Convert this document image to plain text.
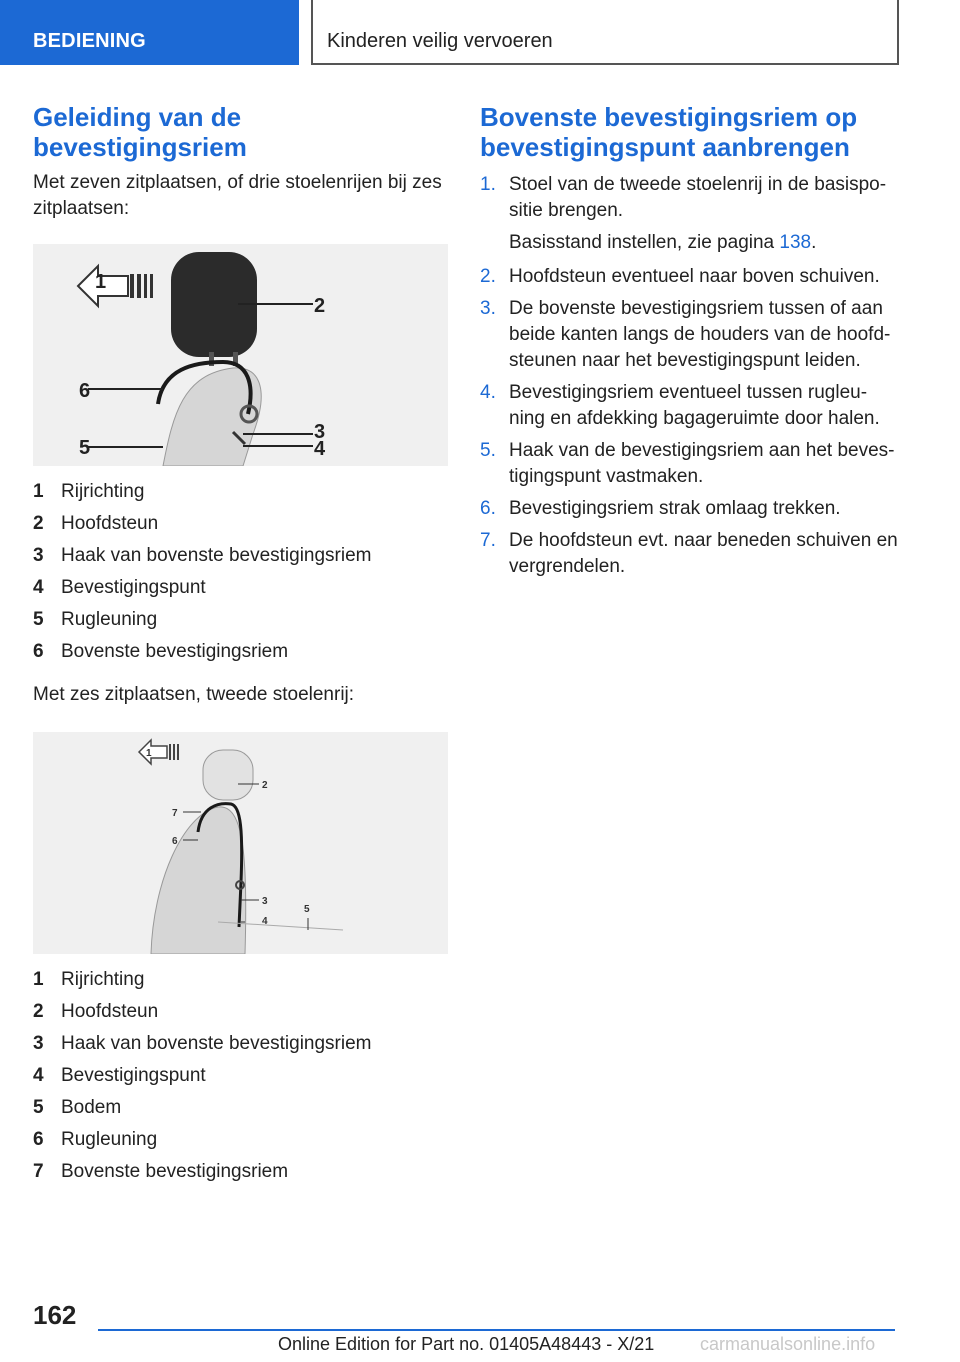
BEDIENING	Kinderen veilig vervoeren
Geleiding van de bevestigingsriem

Met zeven zitplaatsen, of drie stoelenrijen bij zes zitplaatsen:

1
2
3
4
5
6
1 Rijrichting
2 Hoofdsteun
3 Haak van bovenste bevestigingsriem
4 Bevestigingspunt
5 Rugleuning
6 Bovenste bevestigingsriem

Met zes zitplaatsen, tweede stoelenrij:

1
2
3
4
5
6
7
1 Rijrichting
2 Hoofdsteun
3 Haak van bovenste bevestigingsriem
4 Bevestigingspunt
5 Bodem
6 Rugleuning
7 Bovenste bevestigingsriem
Bovenste bevestigingsriem op bevestigingspunt aanbrengen
1. Stoel van de tweede stoelenrij in de basispo-sitie brengen.
Basisstand instellen, zie pagina 138.
2. Hoofdsteun eventueel naar boven schuiven.
3. De bovenste bevestigingsriem tussen of aan beide kanten langs de houders van de hoofd-steunen naar het bevestigingspunt leiden.
4. Bevestigingsriem eventueel tussen rugleu-ning en afdekking bagageruimte door halen.
5. Haak van de bevestigingsriem aan het beves-tigingspunt vastmaken.
6. Bevestigingsriem strak omlaag trekken.
7. De hoofdsteun evt. naar beneden schuiven en vergrendelen.
162
Online Edition for Part no. 01405A48443 - X/21	carmanualsonline.info
